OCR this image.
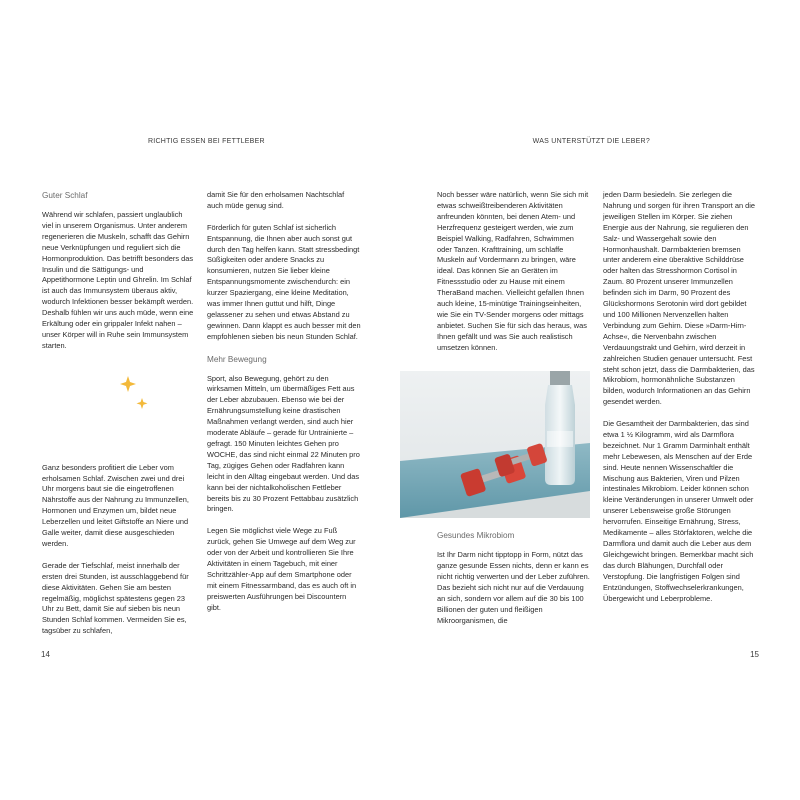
RICHTIG ESSEN BEI FETTLEBER
Guter Schlaf

Während wir schlafen, passiert unglaublich viel in unserem Organismus. Unter anderem regenerieren die Muskeln, schafft das Gehirn neue Verknüpfungen und reguliert sich die Hormonproduktion. Das betrifft besonders das Insulin und die Sättigungs- und Appetithormone Leptin und Ghrelin. Im Schlaf ist auch das Immunsystem überaus aktiv, wodurch Infektionen besser bekämpft werden. Deshalb fühlen wir uns auch müde, wenn eine Erkältung oder ein grippaler Infekt nahen – unser Körper will in Ruhe sein Immunsystem starten.

Ganz besonders profitiert die Leber vom erholsamen Schlaf. Zwischen zwei und drei Uhr morgens baut sie die eingetroffenen Nährstoffe aus der Nahrung zu Immunzellen, Hormonen und Enzymen um, bildet neue Leberzellen und leitet Giftstoffe an Niere und Galle weiter, damit diese ausgeschieden werden.

Gerade der Tiefschlaf, meist innerhalb der ersten drei Stunden, ist ausschlaggebend für diese Aktivitäten. Gehen Sie am besten regelmäßig, möglichst spätestens gegen 23 Uhr zu Bett, damit Sie auf sieben bis neun Stunden Schlaf kommen. Vermeiden Sie es, tagsüber zu schlafen,

damit Sie für den erholsamen Nachtschlaf auch müde genug sind.

Förderlich für guten Schlaf ist sicherlich Entspannung, die Ihnen aber auch sonst gut durch den Tag helfen kann. Statt stressbedingt Süßigkeiten oder andere Snacks zu konsumieren, nutzen Sie lieber kleine Entspannungsmomente zwischendurch: ein kurzer Spaziergang, eine kleine Meditation, was immer Ihnen guttut und hilft, Dinge gelassener zu sehen und etwas Abstand zu gewinnen. Dann klappt es auch besser mit den empfohlenen sieben bis neun Stunden Schlaf.

Mehr Bewegung

Sport, also Bewegung, gehört zu den wirksamen Mitteln, um übermäßiges Fett aus der Leber abzubauen. Ebenso wie bei der Ernährungsumstellung keine drastischen Maßnahmen verlangt werden, sind auch hier moderate Abläufe – gerade für Untrainierte – gefragt. 150 Minuten leichtes Gehen pro WOCHE, das sind nicht einmal 22 Minuten pro Tag, zügiges Gehen oder Radfahren kann leicht in den Alltag eingebaut werden. Und das kann bei der nichtalkoholischen Fettleber bereits bis zu 30 Prozent Fettabbau zusätzlich bringen.

Legen Sie möglichst viele Wege zu Fuß zurück, gehen Sie Umwege auf dem Weg zur oder von der Arbeit und kontrollieren Sie Ihre Aktivitäten in einem Tagebuch, mit einer Schrittzähler-App auf dem Smartphone oder mit einem Fitnessarmband, das es auch oft in preiswerten Ausführungen bei Discountern gibt.

14
WAS UNTERSTÜTZT DIE LEBER?
15

Noch besser wäre natürlich, wenn Sie sich mit etwas schweißtreibenderen Aktivitäten anfreunden könnten, bei denen Atem- und Herzfrequenz gesteigert werden, wie zum Beispiel Walking, Radfahren, Schwimmen oder Tanzen. Krafttraining, um schlaffe Muskeln auf Vordermann zu bringen, wäre ideal. Das können Sie an Geräten im Fitnessstudio oder zu Hause mit einem TheraBand machen. Vielleicht gefallen Ihnen auch kleine, 15-minütige Trainingseinheiten, wie Sie ein TV-Sender morgens oder mittags anbietet. Suchen Sie für sich das heraus, was Ihnen gefällt und was Sie auch realistisch umsetzen können.

Gesundes Mikrobiom

Ist Ihr Darm nicht tipptopp in Form, nützt das ganze gesunde Essen nichts, denn er kann es nicht richtig verwerten und der Leber zuführen. Das bezieht sich nicht nur auf die Verdauung an sich, sondern vor allem auf die 30 bis 100 Billionen der guten und fleißigen Mikroorganismen, die

jeden Darm besiedeln. Sie zerlegen die Nahrung und sorgen für ihren Transport an die jeweiligen Stellen im Körper. Sie ziehen Energie aus der Nahrung, sie regulieren den Salz- und Wassergehalt sowie den Hormonhaushalt. Darmbakterien bremsen unter anderem eine überaktive Schilddrüse oder halten das Stresshormon Cortisol in Zaum. 80 Prozent unserer Immunzellen befinden sich im Darm, 90 Prozent des Glückshormons Serotonin wird dort gebildet und 100 Millionen Nervenzellen halten Verbindung zum Gehirn. Diese »Darm-Hirn-Achse«, die Nervenbahn zwischen Verdauungstrakt und Gehirn, wird derzeit in zahlreichen Studien genauer untersucht. Fest steht schon jetzt, dass die Darmbakterien, das Mikrobiom, hormonähnliche Substanzen bilden, wodurch Informationen an das Gehirn gesendet werden.

Die Gesamtheit der Darmbakterien, das sind etwa 1 ½ Kilogramm, wird als Darmflora bezeichnet. Nur 1 Gramm Darminhalt enthält mehr Lebewesen, als Menschen auf der Erde sind. Heute nennen Wissenschaftler die Mischung aus Bakterien, Viren und Pilzen intestinales Mikrobiom. Leider können schon kleine Veränderungen in unserer Umwelt oder unserer Lebensweise große Störungen hervorrufen. Einseitige Ernährung, Stress, Medikamente – alles Störfaktoren, welche die Darmflora und damit auch die Leber aus dem Gleichgewicht bringen. Bemerkbar macht sich das durch Blähungen, Durchfall oder Verstopfung. Die langfristigen Folgen sind Entzündungen, Stoffwechselerkrankungen, Übergewicht und Leberprobleme.
